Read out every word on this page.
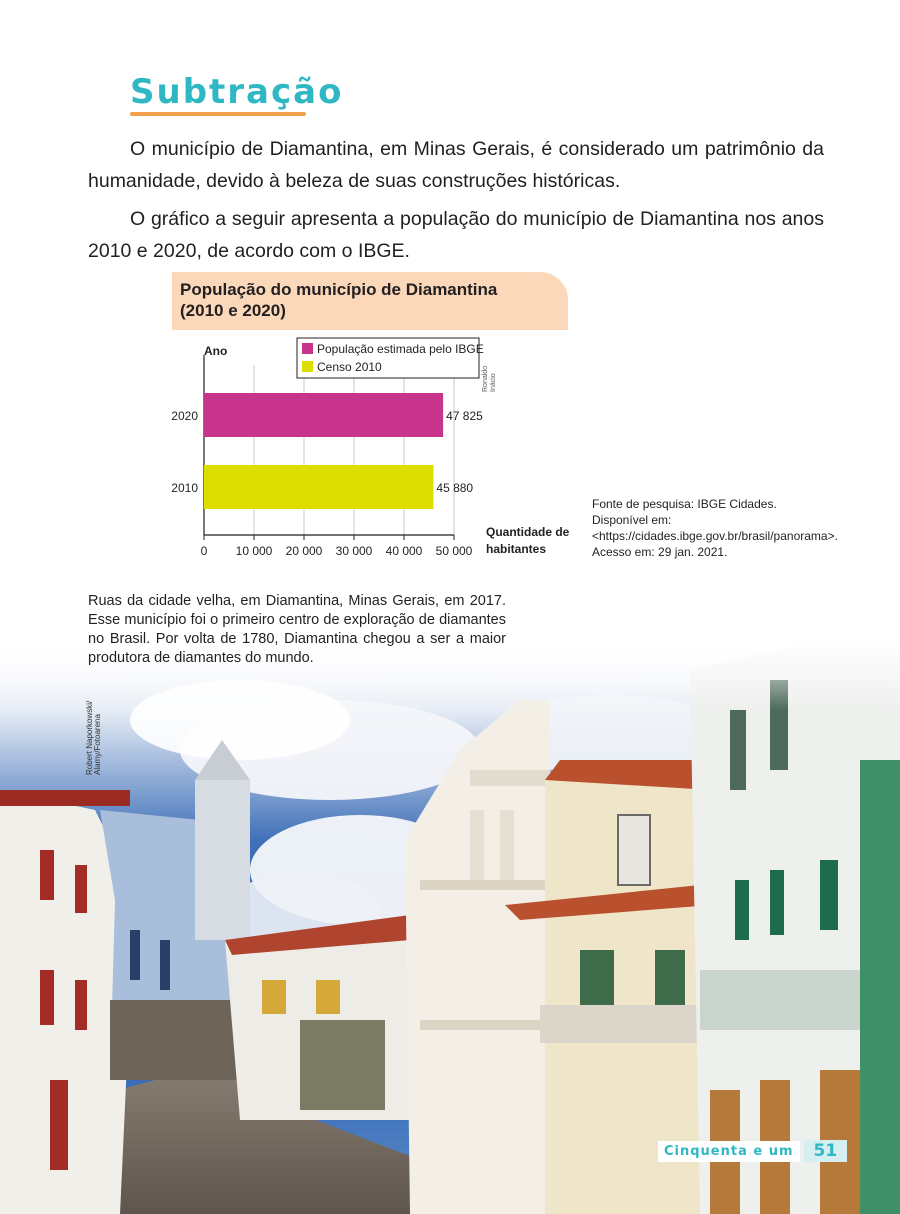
Subtração

O município de Diamantina, em Minas Gerais, é considerado um patrimônio da humanidade, devido à beleza de suas construções históricas.

O gráfico a seguir apresenta a população do município de Diamantina nos anos 2010 e 2020, de acordo com o IBGE.

População do município de Diamantina
(2010 e 2020)

0 10 000 20 000 30 000 40 000 50 000
47 825
2020
45 880
2010
Ano
Quantidade de habitantes
População estimada pelo IBGE
Censo 2010	Ronaldo
Inácio

Fonte de pesquisa: IBGE Cidades. Disponível em: <https://cidades.ibge.gov.br/brasil/panorama>. Acesso em: 29 jan. 2021.

Ruas da cidade velha, em Diamantina, Minas Gerais, em 2017. Esse município foi o primeiro centro de exploração de diamantes no Brasil. Por volta de 1780, Diamantina chegou a ser a maior produtora de diamantes do mundo.

Robert Naporkowski/
Alamy/Fotoarena
Cinquenta e um	51
